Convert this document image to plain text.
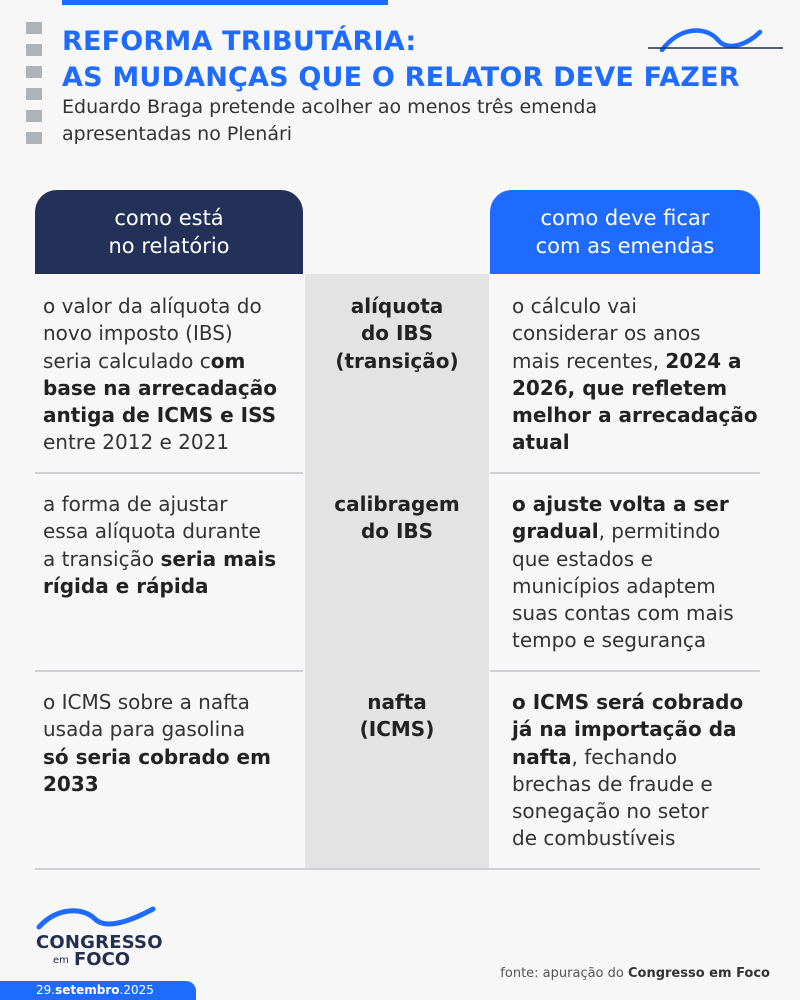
REFORMA TRIBUTÁRIA:
AS MUDANÇAS QUE O RELATOR DEVE FAZER
Eduardo Braga pretende acolher ao menos três emenda apresentadas no Plenári
como está
no relatório
como deve ficar
com as emendas
o valor da alíquota do
novo imposto (IBS)
seria calculado com
base na arrecadação
antiga de ICMS e ISS
entre 2012 e 2021
alíquota
do IBS
(transição)
o cálculo vai
considerar os anos
mais recentes, 2024 a
2026, que refletem
melhor a arrecadação
atual
a forma de ajustar
essa alíquota durante
a transição seria mais
rígida e rápida
calibragem
do IBS
o ajuste volta a ser
gradual, permitindo
que estados e
municípios adaptem
suas contas com mais
tempo e segurança
o ICMS sobre a nafta
usada para gasolina
só seria cobrado em
2033
nafta
(ICMS)
o ICMS será cobrado
já na importação da
nafta, fechando
brechas de fraude e
sonegação no setor
de combustíveis
CONGRESSO
em FOCO
29.setembro.2025
fonte: apuração do Congresso em Foco
